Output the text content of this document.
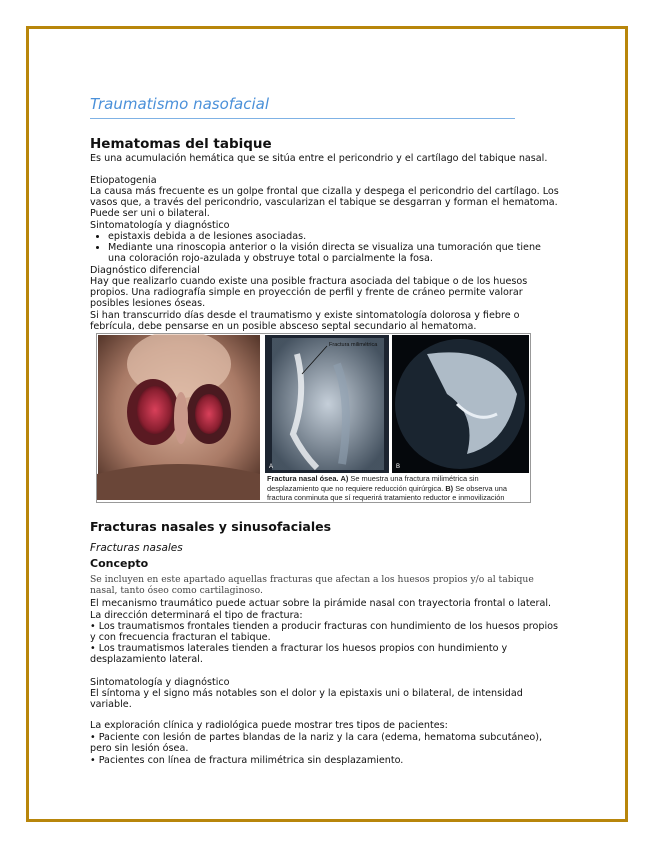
Traumatismo nasofacial
Hematomas del tabique
Es una acumulación hemática que se sitúa entre el pericondrio y el cartílago del tabique nasal.
Etiopatogenia
La causa más frecuente es un golpe frontal que cizalla y despega el pericondrio del cartílago. Los vasos que, a través del pericondrio, vascularizan el tabique se desgarran y forman el hematoma. Puede ser uni o bilateral.
Sintomatología y diagnóstico
• epistaxis debida a de lesiones asociadas.
• Mediante una rinoscopia anterior o la visión directa se visualiza una tumoración que tiene una coloración rojo-azulada y obstruye total o parcialmente la fosa.
Diagnóstico diferencial
Hay que realizarlo cuando existe una posible fractura asociada del tabique o de los huesos propios. Una radiografía simple en proyección de perfil y frente de cráneo permite valorar posibles lesiones óseas.
Si han transcurrido días desde el traumatismo y existe sintomatología dolorosa y fiebre o febrícula, debe pensarse en un posible absceso septal secundario al hematoma.
Fractura milimétrica
A	B
Fractura nasal ósea. A) Se muestra una fractura milimétrica sin desplazamiento que no requiere reducción quirúrgica. B) Se observa una fractura conminuta que sí requerirá tratamiento reductor e inmovilización
Fracturas nasales y sinusofaciales
Fracturas nasales
Concepto
Se incluyen en este apartado aquellas fracturas que afectan a los huesos propios y/o al tabique nasal, tanto óseo como cartilaginoso.
El mecanismo traumático puede actuar sobre la pirámide nasal con trayectoria frontal o lateral.
La dirección determinará el tipo de fractura:
• Los traumatismos frontales tienden a producir fracturas con hundimiento de los huesos propios y con frecuencia fracturan el tabique.
• Los traumatismos laterales tienden a fracturar los huesos propios con hundimiento y desplazamiento lateral.
Sintomatología y diagnóstico
El síntoma y el signo más notables son el dolor y la epistaxis uni o bilateral, de intensidad variable.
La exploración clínica y radiológica puede mostrar tres tipos de pacientes:
• Paciente con lesión de partes blandas de la nariz y la cara (edema, hematoma subcutáneo), pero sin lesión ósea.
• Pacientes con línea de fractura milimétrica sin desplazamiento.
